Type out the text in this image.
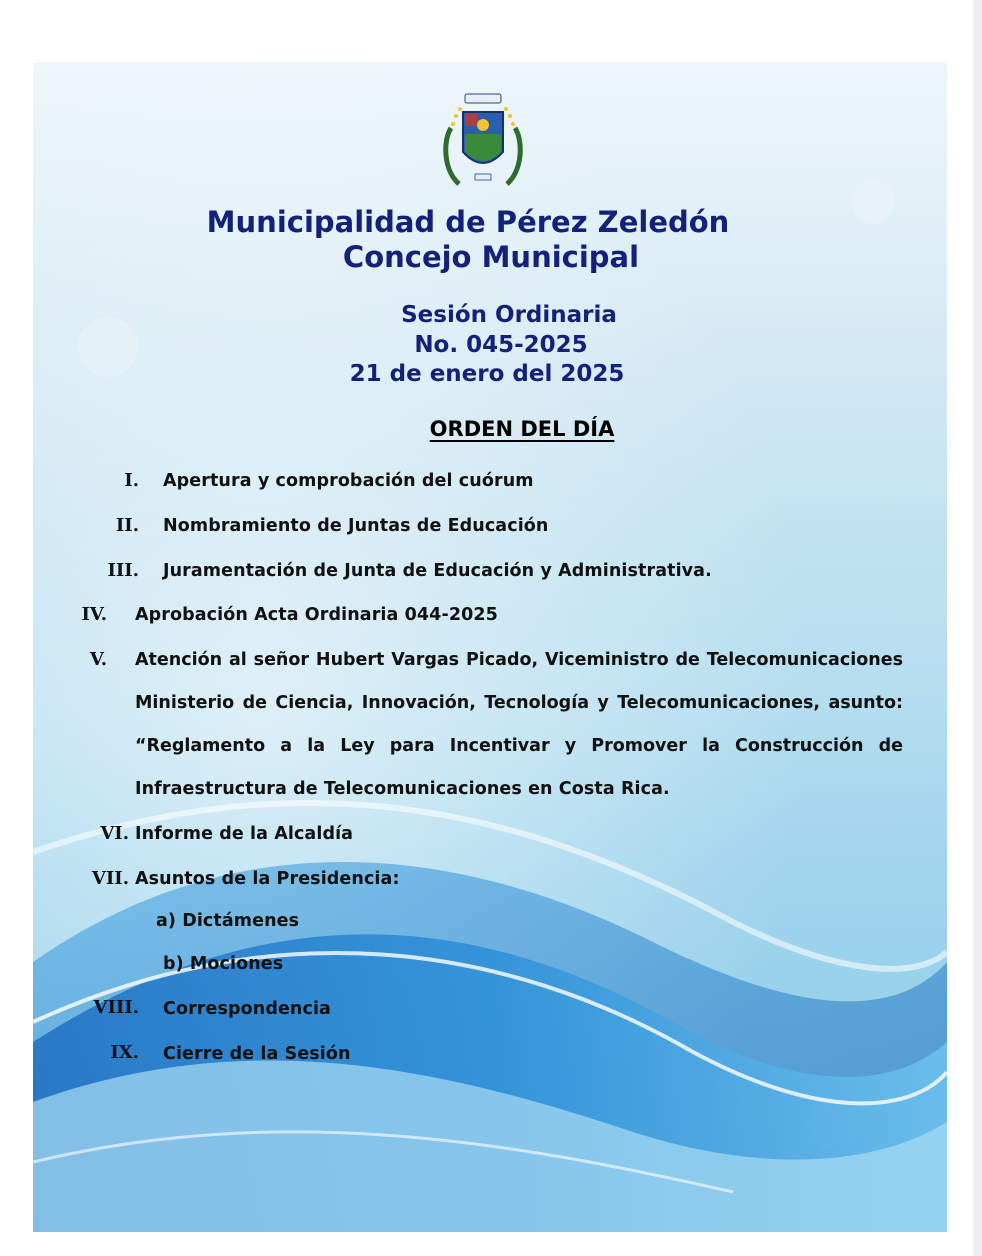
Municipalidad de Pérez Zeledón
Concejo Municipal
Sesión Ordinaria
No. 045-2025
21 de enero del 2025
ORDEN DEL DÍA
I. Apertura y comprobación del cuórum
II. Nombramiento de Juntas de Educación
III. Juramentación de Junta de Educación y Administrativa.
IV. Aprobación Acta Ordinaria 044-2025
V. Atención al señor Hubert Vargas Picado, Viceministro de Telecomunicaciones
Ministerio de Ciencia, Innovación, Tecnología y Telecomunicaciones, asunto:
“Reglamento a la Ley para Incentivar y Promover la Construcción de
Infraestructura de Telecomunicaciones en Costa Rica.
VI. Informe de la Alcaldía
VII. Asuntos de la Presidencia:
a) Dictámenes
b) Mociones
VIII. Correspondencia
IX. Cierre de la Sesión
